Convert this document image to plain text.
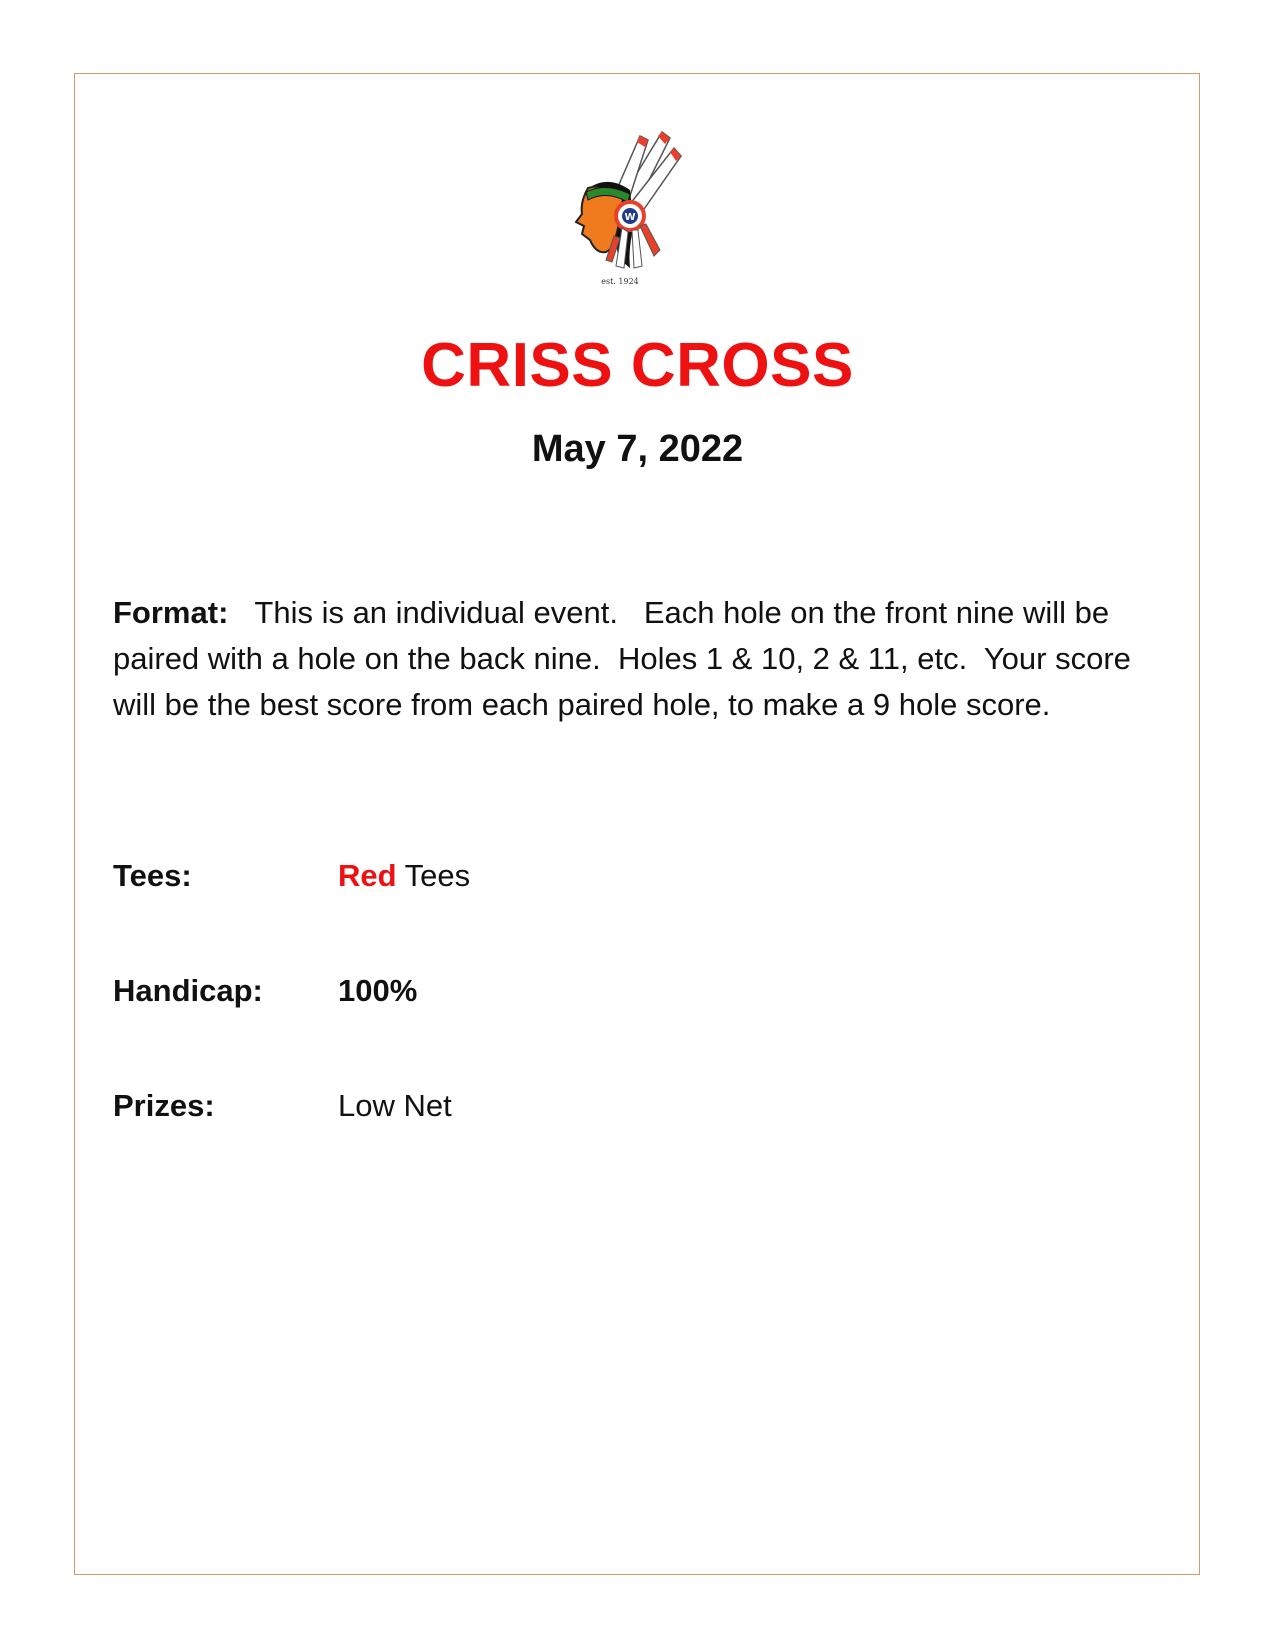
W
est. 1924
CRISS CROSS
May 7, 2022
Format: This is an individual event.   Each hole on the front nine will be paired with a hole on the back nine.  Holes 1 & 10, 2 & 11, etc.  Your score will be the best score from each paired hole, to make a 9 hole score.
Tees:	Red Tees
Handicap: 100%
Prizes:	Low Net
